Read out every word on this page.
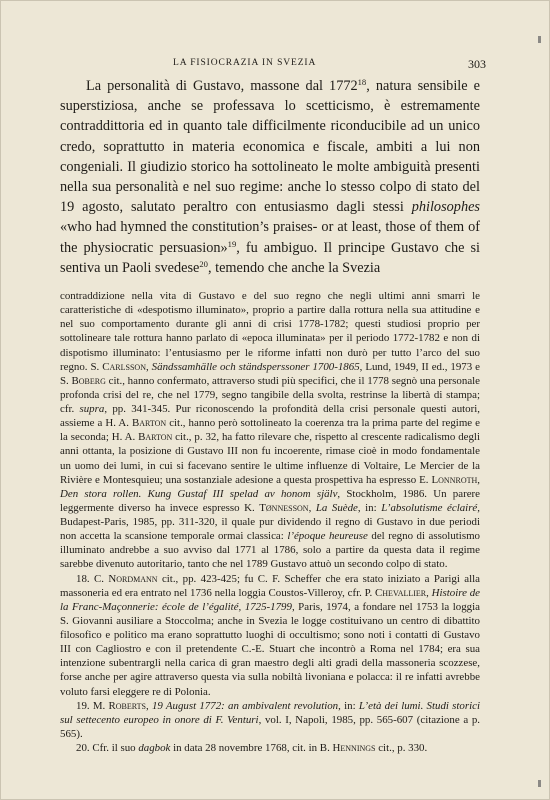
LA FISIOCRAZIA IN SVEZIA	303

La personalità di Gustavo, massone dal 1772$^{18}$, natura sensibile e superstiziosa, anche se professava lo scetticismo, è estremamente contraddittoria ed in quanto tale difficilmente riconducibile ad un unico credo, soprattutto in materia economica e fiscale, ambiti a lui non congeniali. Il giudizio storico ha sottolineato le molte ambiguità presenti nella sua personalità e nel suo regime: anche lo stesso colpo di stato del 19 agosto, salutato peraltro con entusiasmo dagli stessi philosophes «who had hymned the constitution’s praises- or at least, those of them of the physiocratic persuasion»$^{19}$, fu ambiguo. Il principe Gustavo che si sentiva un Paoli svedese$^{20}$, temendo che anche la Svezia

contraddizione nella vita di Gustavo e del suo regno che negli ultimi anni smarrì le caratteristiche di «despotismo illuminato», proprio a partire dalla rottura nella sua attitudine e nel suo comportamento durante gli anni di crisi 1778-1782; questi studiosi proprio per sottolineare tale rottura hanno parlato di «epoca illuminata» per il periodo 1772-1782 e non di dispotismo illuminato: l’entusiasmo per le riforme infatti non durò per tutto l’arco del suo regno. S. Carlsson, Sändssamhälle och ständsperssoner 1700-1865, Lund, 1949, II ed., 1973 e S. Boberg cit., hanno confermato, attraverso studi più specifici, che il 1778 segnò una personale profonda crisi del re, che nel 1779, segno tangibile della svolta, restrinse la libertà di stampa; cfr. supra, pp. 341-345. Pur riconoscendo la profondità della crisi personale questi autori, assieme a H. A. Barton cit., hanno però sottolineato la coerenza tra la prima parte del regime e la seconda; H. A. Barton cit., p. 32, ha fatto rilevare che, rispetto al crescente radicalismo degli anni ottanta, la posizione di Gustavo III non fu incoerente, rimase cioè in modo fondamentale un uomo dei lumi, in cui si facevano sentire le ultime influenze di Voltaire, Le Mercier de la Rivière e Montesquieu; una sostanziale adesione a questa prospettiva ha espresso E. Lonnroth, Den stora rollen. Kung Gustaf III spelad av honom själv, Stockholm, 1986. Un parere leggermente diverso ha invece espresso K. Tønnesson, La Suède, in: L’absolutisme éclairé, Budapest-Paris, 1985, pp. 311-320, il quale pur dividendo il regno di Gustavo in due periodi non accetta la scansione temporale ormai classica: l’époque heureuse del regno di assolutismo illuminato andrebbe a suo avviso dal 1771 al 1786, solo a partire da questa data il regime sarebbe divenuto autoritario, tanto che nel 1789 Gustavo attuò un secondo colpo di stato.

18. C. Nordmann cit., pp. 423-425; fu C. F. Scheffer che era stato iniziato a Parigi alla massoneria ed era entrato nel 1736 nella loggia Coustos-Villeroy, cfr. P. Chevallier, Histoire de la Franc-Maçonnerie: école de l’égalité, 1725-1799, Paris, 1974, a fondare nel 1753 la loggia S. Giovanni ausiliare a Stoccolma; anche in Svezia le logge costituivano un centro di dibattito filosofico e politico ma erano soprattutto luoghi di occultismo; sono noti i contatti di Gustavo III con Cagliostro e con il pretendente C.-E. Stuart che incontrò a Roma nel 1784; era sua intenzione subentrargli nella carica di gran maestro degli alti gradi della massoneria scozzese, forse anche per agire attraverso questa via sulla nobiltà livoniana e polacca: il re infatti avrebbe voluto farsi eleggere re di Polonia.

19. M. Roberts, 19 August 1772: an ambivalent revolution, in: L’età dei lumi. Studi storici sul settecento europeo in onore di F. Venturi, vol. I, Napoli, 1985, pp. 565-607 (citazione a p. 565).

20. Cfr. il suo dagbok in data 28 novembre 1768, cit. in B. Hennings cit., p. 330.
